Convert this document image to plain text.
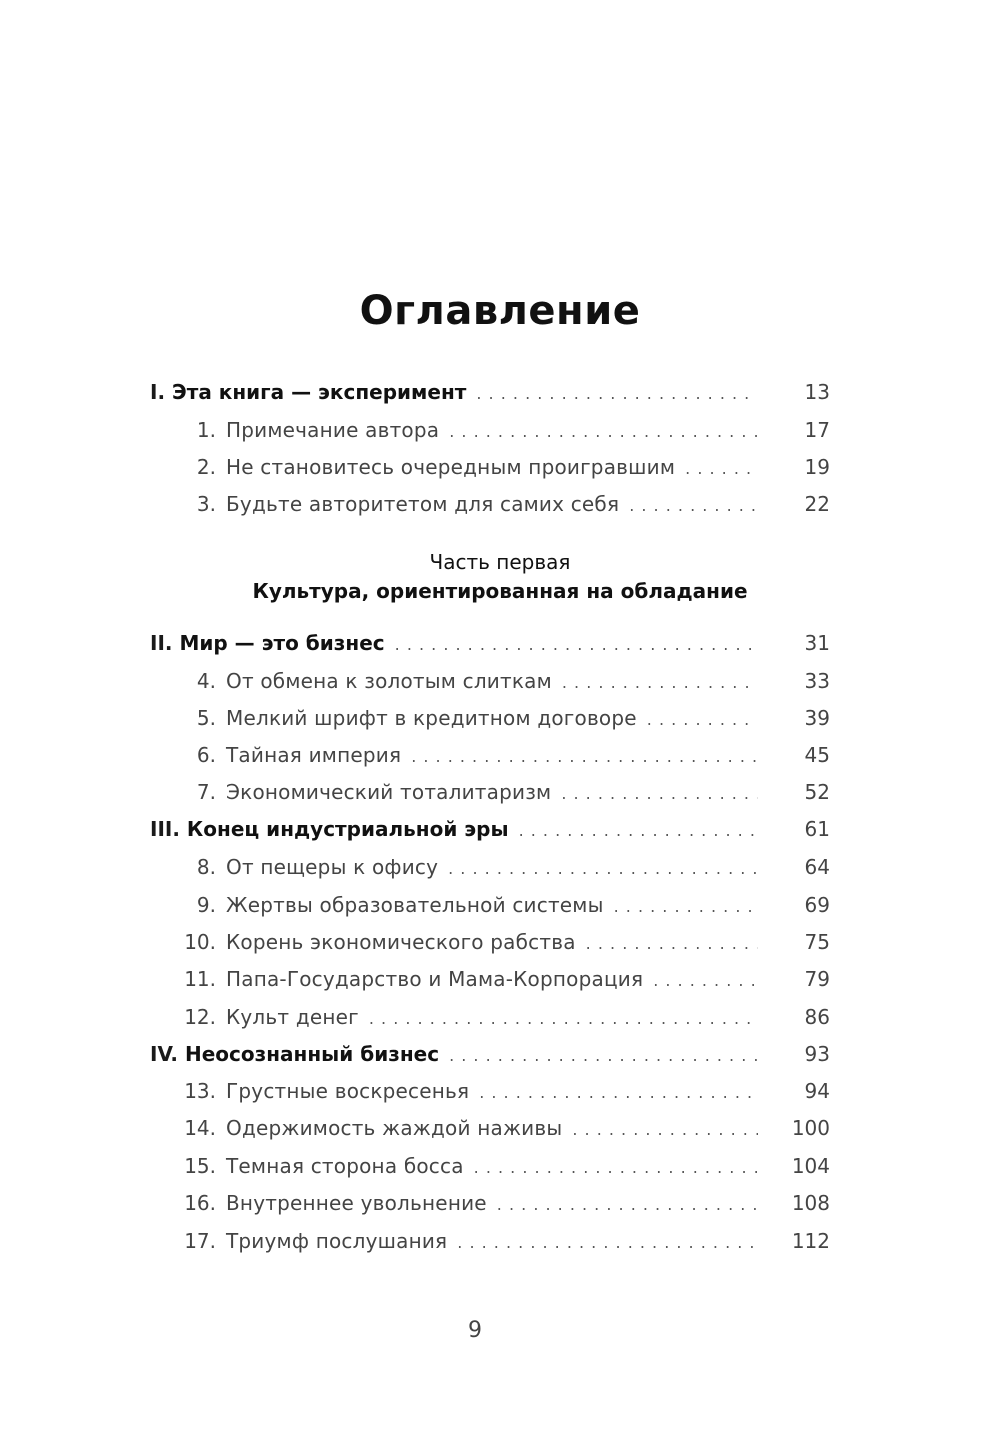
Оглавление
I. Эта книга — эксперимент . . .	13
1. Примечание автора . . .	17
2. Не становитесь очередным проигравшим . . .	19
3. Будьте авторитетом для самих себя . . .	22
Часть первая
Культура, ориентированная на обладание
II. Мир — это бизнес . . .	31
4. От обмена к золотым слиткам . . .	33
5. Мелкий шрифт в кредитном договоре . . .	39
6. Тайная империя . . .	45
7. Экономический тоталитаризм . . .	52
III. Конец индустриальной эры . . .	61
8. От пещеры к офису . . .	64
9. Жертвы образовательной системы . . .	69
10. Корень экономического рабства . . .	75
11. Папа-Государство и Мама-Корпорация . . .	79
12. Культ денег . . .	86
IV. Неосознанный бизнес . . .	93
13. Грустные воскресенья . . .	94
14. Одержимость жаждой наживы . . .	100
15. Темная сторона босса . . .	104
16. Внутреннее увольнение . . .	108
17. Триумф послушания . . .	112
9
